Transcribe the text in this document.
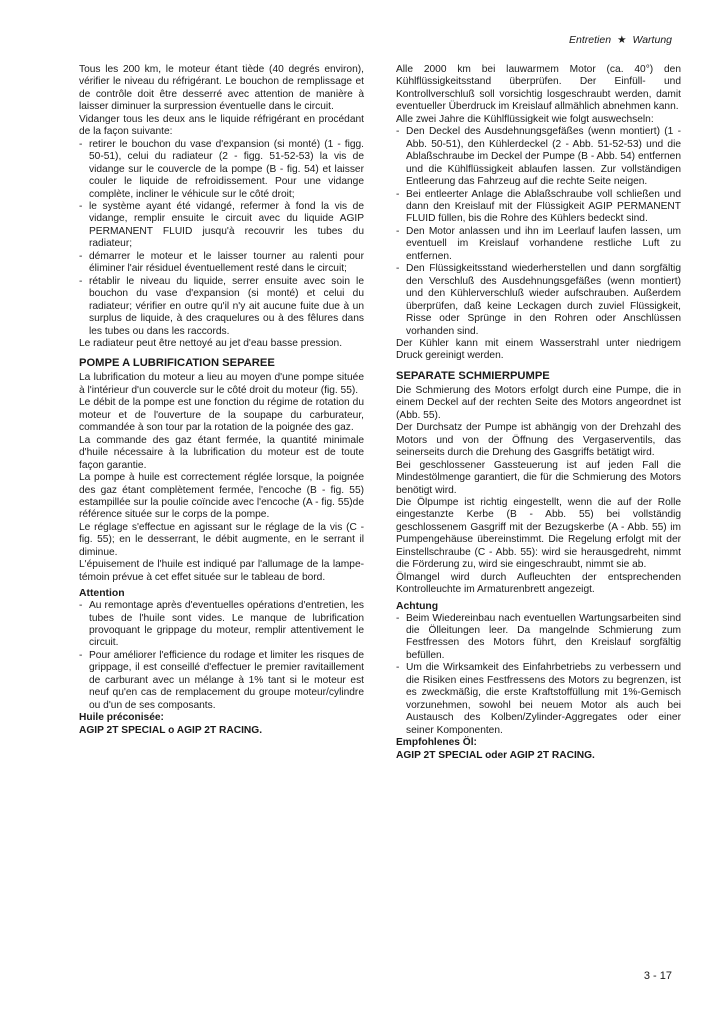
Entretien ★ Wartung

Tous les 200 km, le moteur étant tiède (40 degrés environ), vérifier le niveau du réfrigérant. Le bouchon de remplissage et de contrôle doit être desserré avec attention de manière à laisser diminuer la surpression éventuelle dans le circuit.

Vidanger tous les deux ans le liquide réfrigérant en procédant de la façon suivante:

- retirer le bouchon du vase d'expansion (si monté) (1 - figg. 50-51), celui du radiateur (2 - figg. 51-52-53) la vis de vidange sur le couvercle de la pompe (B - fig. 54) et laisser couler le liquide de refroidissement. Pour une vidange complète, incliner le véhicule sur le côté droit;
- le système ayant été vidangé, refermer à fond la vis de vidange, remplir ensuite le circuit avec du liquide AGIP PERMANENT FLUID jusqu'à recouvrir les tubes du radiateur;
- démarrer le moteur et le laisser tourner au ralenti pour éliminer l'air résiduel éventuellement resté dans le circuit;
- rétablir le niveau du liquide, serrer ensuite avec soin le bouchon du vase d'expansion (si monté) et celui du radiateur; vérifier en outre qu'il n'y ait aucune fuite due à un surplus de liquide, à des craquelures ou à des fêlures dans les tubes ou dans les raccords.

Le radiateur peut être nettoyé au jet d'eau basse pression.

POMPE A LUBRIFICATION SEPAREE

La lubrification du moteur a lieu au moyen d'une pompe située à l'intérieur d'un couvercle sur le côté droit du moteur (fig. 55).

Le débit de la pompe est une fonction du régime de rotation du moteur et de l'ouverture de la soupape du carburateur, commandée à son tour par la rotation de la poignée des gaz.

La commande des gaz étant fermée, la quantité minimale d'huile nécessaire à la lubrification du moteur est de toute façon garantie.

La pompe à huile est correctement réglée lorsque, la poignée des gaz étant complètement fermée, l'encoche (B - fig. 55) estampillée sur la poulie coïncide avec l'encoche (A - fig. 55)de référence située sur le corps de la pompe.

Le réglage s'effectue en agissant sur le réglage de la vis (C - fig. 55); en le desserrant, le débit augmente, en le serrant il diminue.

L'épuisement de l'huile est indiqué par l'allumage de la lampe-témoin prévue à cet effet située sur le tableau de bord.

Attention
- Au remontage après d'eventuelles opérations d'entretien, les tubes de l'huile sont vides. Le manque de lubrification provoquant le grippage du moteur, remplir attentivement le circuit.
- Pour améliorer l'efficience du rodage et limiter les risques de grippage, il est conseillé d'effectuer le premier ravitaillement de carburant avec un mélange à 1% tant si le moteur est neuf qu'en cas de remplacement du groupe moteur/cylindre ou d'un de ses composants.

Huile préconisée:

AGIP 2T SPECIAL o AGIP 2T RACING.

Alle 2000 km bei lauwarmem Motor (ca. 40°) den Kühlflüssigkeitsstand überprüfen. Der Einfüll- und Kontrollverschluß soll vorsichtig losgeschraubt werden, damit eventueller Überdruck im Kreislauf allmählich abnehmen kann.

Alle zwei Jahre die Kühlflüssigkeit wie folgt auswechseln:

- Den Deckel des Ausdehnungsgefäßes (wenn montiert) (1 - Abb. 50-51), den Kühlerdeckel (2 - Abb. 51-52-53) und die Ablaßschraube im Deckel der Pumpe (B - Abb. 54) entfernen und die Kühlflüssigkeit ablaufen lassen. Zur vollständigen Entleerung das Fahrzeug auf die rechte Seite neigen.
- Bei entleerter Anlage die Ablaßschraube voll schließen und dann den Kreislauf mit der Flüssigkeit AGIP PERMANENT FLUID füllen, bis die Rohre des Kühlers bedeckt sind.
- Den Motor anlassen und ihn im Leerlauf laufen lassen, um eventuell im Kreislauf vorhandene restliche Luft zu entfernen.
- Den Flüssigkeitsstand wiederherstellen und dann sorgfältig den Verschluß des Ausdehnungsgefäßes (wenn montiert) und den Kühlerverschluß wieder aufschrauben. Außerdem überprüfen, daß keine Leckagen durch zuviel Flüssigkeit, Risse oder Sprünge in den Rohren oder Anschlüssen vorhanden sind.

Der Kühler kann mit einem Wasserstrahl unter niedrigem Druck gereinigt werden.

SEPARATE SCHMIERPUMPE

Die Schmierung des Motors erfolgt durch eine Pumpe, die in einem Deckel auf der rechten Seite des Motors angeordnet ist (Abb. 55).

Der Durchsatz der Pumpe ist abhängig von der Drehzahl des Motors und von der Öffnung des Vergaserventils, das seinerseits durch die Drehung des Gasgriffs betätigt wird.

Bei geschlossener Gassteuerung ist auf jeden Fall die Mindestölmenge garantiert, die für die Schmierung des Motors benötigt wird.

Die Ölpumpe ist richtig eingestellt, wenn die auf der Rolle eingestanzte Kerbe (B - Abb. 55) bei vollständig geschlossenem Gasgriff mit der Bezugskerbe (A - Abb. 55) im Pumpengehäuse übereinstimmt. Die Regelung erfolgt mit der Einstellschraube (C - Abb. 55): wird sie herausgedreht, nimmt die Förderung zu, wird sie eingeschraubt, nimmt sie ab.

Ölmangel wird durch Aufleuchten der entsprechenden Kontrolleuchte im Armaturenbrett angezeigt.

Achtung
- Beim Wiedereinbau nach eventuellen Wartungsarbeiten sind die Ölleitungen leer. Da mangelnde Schmierung zum Festfressen des Motors führt, den Kreislauf sorgfältig befüllen.
- Um die Wirksamkeit des Einfahrbetriebs zu verbessern und die Risiken eines Festfressens des Motors zu begrenzen, ist es zweckmäßig, die erste Kraftstoffüllung mit 1%-Gemisch vorzunehmen, sowohl bei neuem Motor als auch bei Austausch des Kolben/Zylinder-Aggregates oder einer seiner Komponenten.

Empfohlenes Öl:

AGIP 2T SPECIAL oder AGIP 2T RACING.

3 - 17
